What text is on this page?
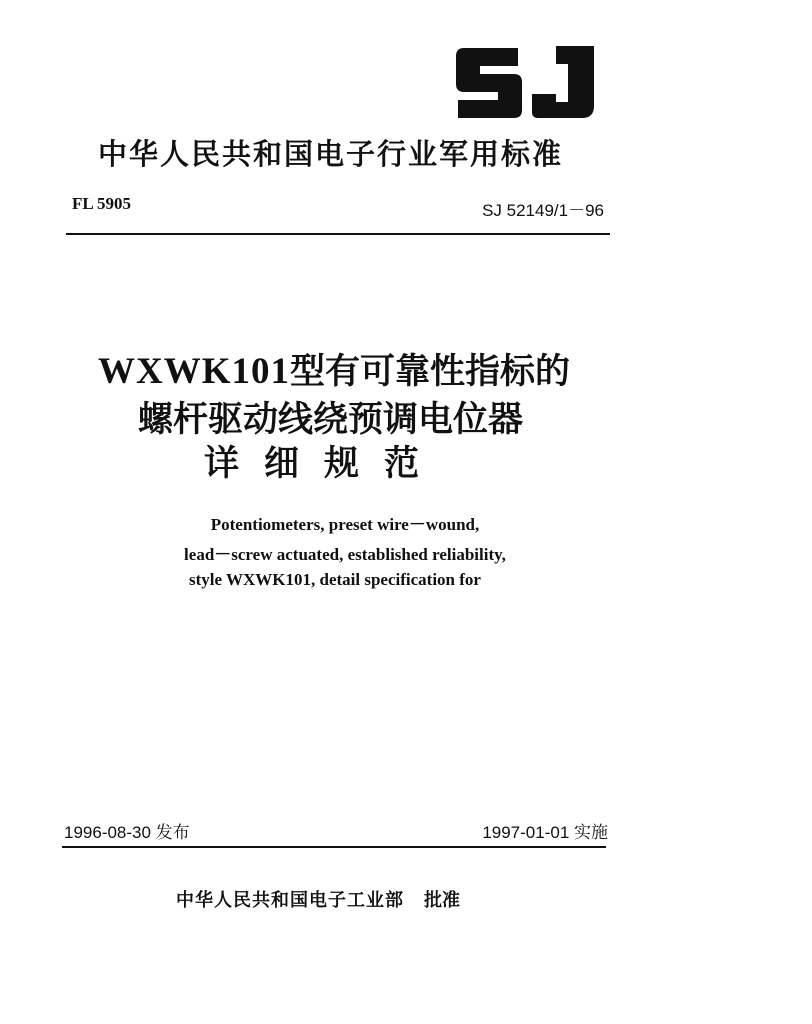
中华人民共和国电子行业军用标准
FL 5905	SJ 52149/1－96
WXWK101型有可靠性指标的
螺杆驱动线绕预调电位器
详细规范
Potentiometers, preset wire－wound,
lead－screw actuated, established reliability,
style WXWK101, detail specification for
1996-08-30 发布	1997-01-01 实施
中华人民共和国电子工业部 批准
